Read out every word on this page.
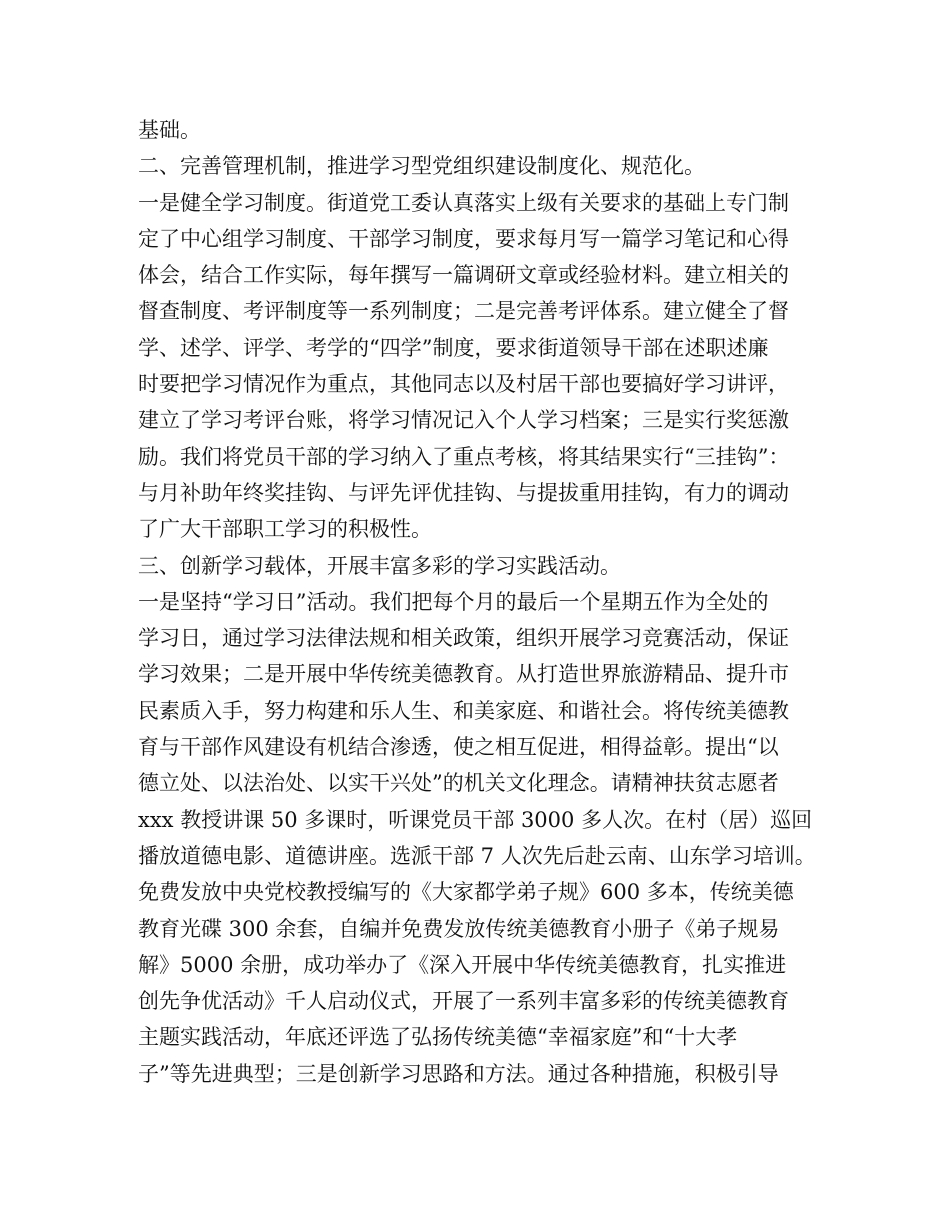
基础。
二、完善管理机制，推进学习型党组织建设制度化、规范化。
一是健全学习制度。街道党工委认真落实上级有关要求的基础上专门制
定了中心组学习制度、干部学习制度，要求每月写一篇学习笔记和心得
体会，结合工作实际，每年撰写一篇调研文章或经验材料。建立相关的
督查制度、考评制度等一系列制度；二是完善考评体系。建立健全了督
学、述学、评学、考学的“四学”制度，要求街道领导干部在述职述廉
时要把学习情况作为重点，其他同志以及村居干部也要搞好学习讲评，
建立了学习考评台账，将学习情况记入个人学习档案；三是实行奖惩激
励。我们将党员干部的学习纳入了重点考核，将其结果实行“三挂钩”：
与月补助年终奖挂钩、与评先评优挂钩、与提拔重用挂钩，有力的调动
了广大干部职工学习的积极性。
三、创新学习载体，开展丰富多彩的学习实践活动。
一是坚持“学习日”活动。我们把每个月的最后一个星期五作为全处的
学习日，通过学习法律法规和相关政策，组织开展学习竞赛活动，保证
学习效果；二是开展中华传统美德教育。从打造世界旅游精品、提升市
民素质入手，努力构建和乐人生、和美家庭、和谐社会。将传统美德教
育与干部作风建设有机结合渗透，使之相互促进，相得益彰。提出“以
德立处、以法治处、以实干兴处”的机关文化理念。请精神扶贫志愿者
xxx 教授讲课 50 多课时，听课党员干部 3000 多人次。在村（居）巡回
播放道德电影、道德讲座。选派干部 7 人次先后赴云南、山东学习培训。
免费发放中央党校教授编写的《大家都学弟子规》600 多本，传统美德
教育光碟 300 余套，自编并免费发放传统美德教育小册子《弟子规易
解》5000 余册，成功举办了《深入开展中华传统美德教育，扎实推进
创先争优活动》千人启动仪式，开展了一系列丰富多彩的传统美德教育
主题实践活动，年底还评选了弘扬传统美德“幸福家庭”和“十大孝
子”等先进典型；三是创新学习思路和方法。通过各种措施，积极引导
